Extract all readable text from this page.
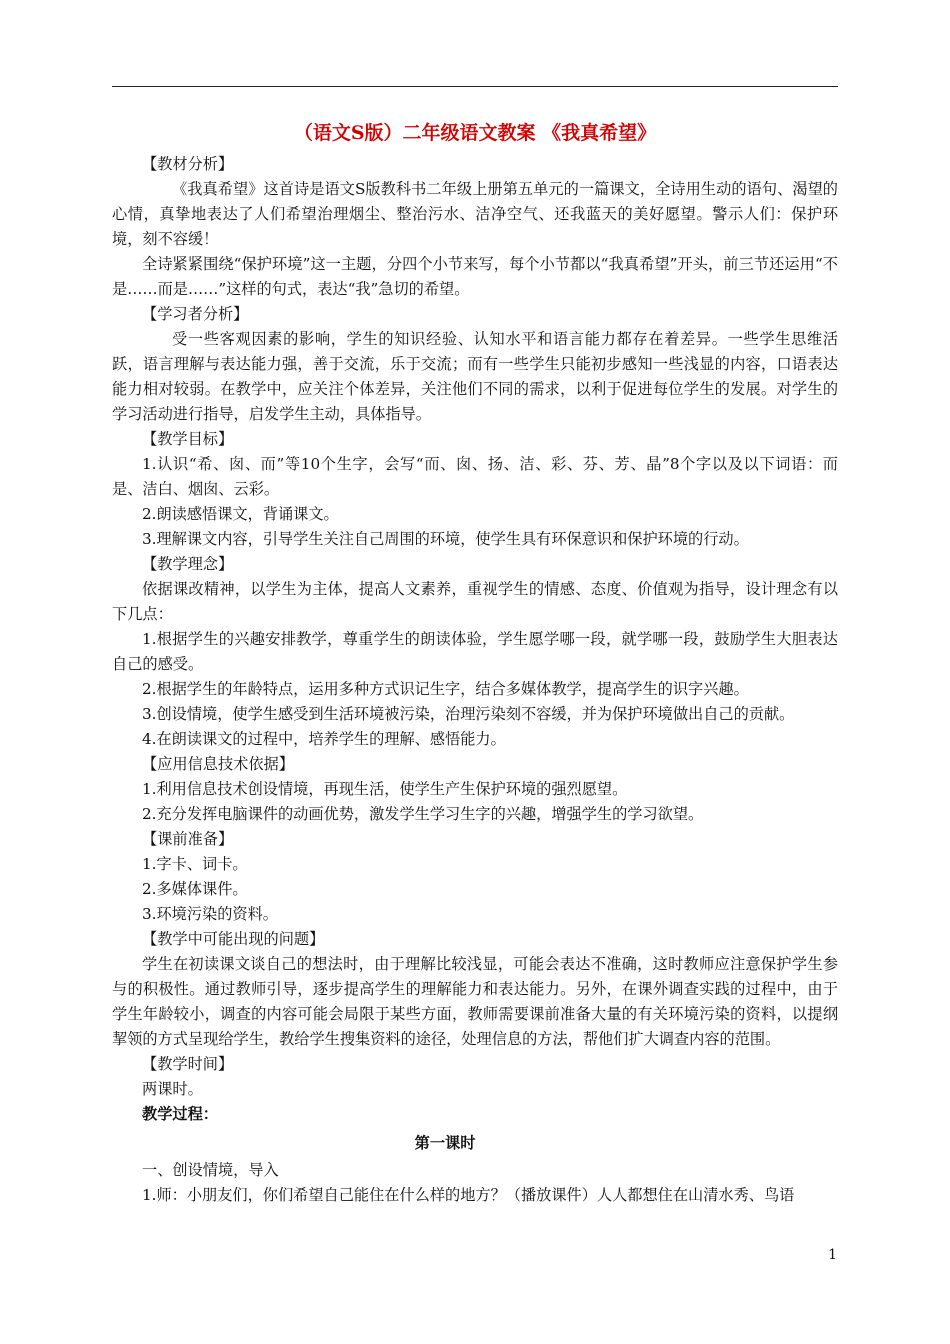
（语文S版）二年级语文教案 《我真希望》

【教材分析】

《我真希望》这首诗是语文S版教科书二年级上册第五单元的一篇课文，全诗用生动的语句、渴望的心情，真挚地表达了人们希望治理烟尘、整治污水、洁净空气、还我蓝天的美好愿望。警示人们：保护环境，刻不容缓！

全诗紧紧围绕“保护环境”这一主题，分四个小节来写，每个小节都以“我真希望”开头，前三节还运用“不是……而是……”这样的句式，表达“我”急切的希望。

【学习者分析】

受一些客观因素的影响，学生的知识经验、认知水平和语言能力都存在着差异。一些学生思维活跃，语言理解与表达能力强，善于交流，乐于交流；而有一些学生只能初步感知一些浅显的内容，口语表达能力相对较弱。在教学中，应关注个体差异，关注他们不同的需求，以利于促进每位学生的发展。对学生的学习活动进行指导，启发学生主动，具体指导。

【教学目标】

1.认识“希、囱、而”等10个生字，会写“而、囱、扬、洁、彩、芬、芳、晶”8个字以及以下词语：而是、洁白、烟囱、云彩。

2.朗读感悟课文，背诵课文。

3.理解课文内容，引导学生关注自己周围的环境，使学生具有环保意识和保护环境的行动。

【教学理念】

依据课改精神，以学生为主体，提高人文素养，重视学生的情感、态度、价值观为指导，设计理念有以下几点：

1.根据学生的兴趣安排教学，尊重学生的朗读体验，学生愿学哪一段，就学哪一段，鼓励学生大胆表达自己的感受。

2.根据学生的年龄特点，运用多种方式识记生字，结合多媒体教学，提高学生的识字兴趣。

3.创设情境，使学生感受到生活环境被污染，治理污染刻不容缓，并为保护环境做出自己的贡献。

4.在朗读课文的过程中，培养学生的理解、感悟能力。

【应用信息技术依据】

1.利用信息技术创设情境，再现生活，使学生产生保护环境的强烈愿望。

2.充分发挥电脑课件的动画优势，激发学生学习生字的兴趣，增强学生的学习欲望。

【课前准备】

1.字卡、词卡。

2.多媒体课件。

3.环境污染的资料。

【教学中可能出现的问题】

学生在初读课文谈自己的想法时，由于理解比较浅显，可能会表达不准确，这时教师应注意保护学生参与的积极性。通过教师引导，逐步提高学生的理解能力和表达能力。另外，在课外调查实践的过程中，由于学生年龄较小，调查的内容可能会局限于某些方面，教师需要课前准备大量的有关环境污染的资料，以提纲挈领的方式呈现给学生，教给学生搜集资料的途径，处理信息的方法，帮他们扩大调查内容的范围。

【教学时间】

两课时。

教学过程：

第一课时

一、创设情境，导入

1.师：小朋友们，你们希望自己能住在什么样的地方？（播放课件）人人都想住在山清水秀、鸟语

1
